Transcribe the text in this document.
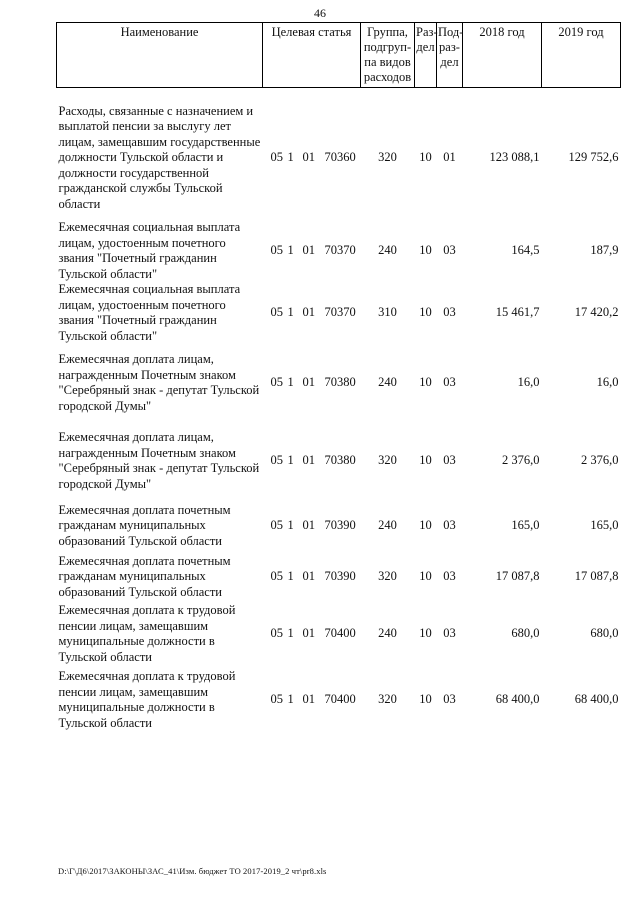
46
Наименование	Целевая статья	Группа, подгруп-па видов расходов	Раз-дел	Под-раз-дел	2018 год	2019 год

Расходы, связанные с назначением и выплатой пенсии за выслугу лет лицам, замещавшим государственные должности Тульской области и должности государственной гражданской службы Тульской области	05 1 01 70360	320	10	01	123 088,1	129 752,6
Ежемесячная социальная выплата лицам, удостоенным почетного звания "Почетный гражданин Тульской области"	05 1 01 70370	240	10	03	164,5	187,9
Ежемесячная социальная выплата лицам, удостоенным почетного звания "Почетный гражданин Тульской области"	05 1 01 70370	310	10	03	15 461,7	17 420,2
Ежемесячная доплата лицам, награжденным Почетным знаком "Серебряный знак - депутат Тульской городской Думы"	05 1 01 70380	240	10	03	16,0	16,0
Ежемесячная доплата лицам, награжденным Почетным знаком "Серебряный знак - депутат Тульской городской Думы"	05 1 01 70380	320	10	03	2 376,0	2 376,0
Ежемесячная доплата почетным гражданам муниципальных образований Тульской области	05 1 01 70390	240	10	03	165,0	165,0
Ежемесячная доплата почетным гражданам муниципальных образований Тульской области	05 1 01 70390	320	10	03	17 087,8	17 087,8
Ежемесячная доплата к трудовой пенсии лицам, замещавшим муниципальные должности в Тульской области	05 1 01 70400	240	10	03	680,0	680,0
Ежемесячная доплата к трудовой пенсии лицам, замещавшим муниципальные должности в Тульской области	05 1 01 70400	320	10	03	68 400,0	68 400,0
D:\Г\Д6\2017\ЗАКОНЫ\ЗАС_41\Изм. бюджет ТО 2017-2019_2 чт\pr8.xls
